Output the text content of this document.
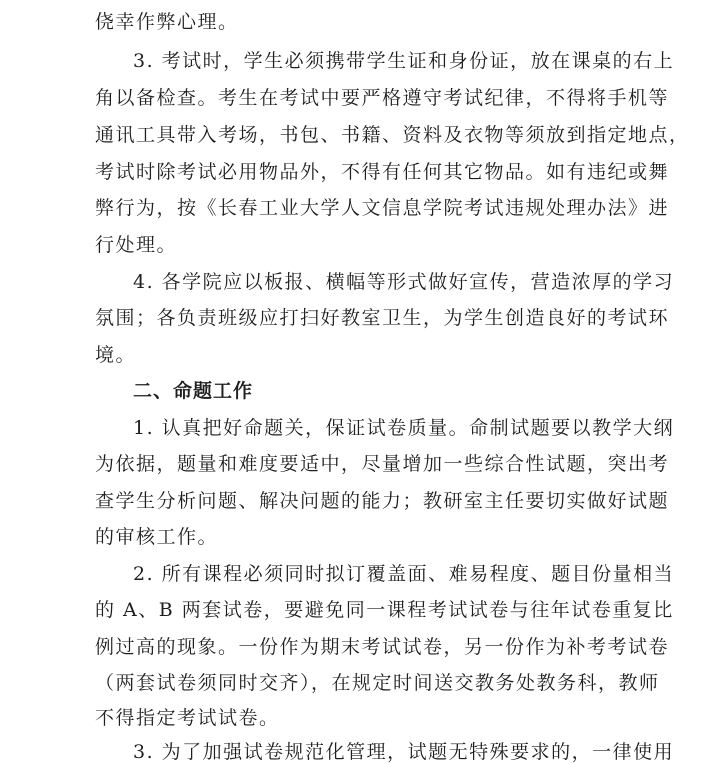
侥幸作弊心理。
3. 考试时，学生必须携带学生证和身份证，放在课桌的右上
角以备检查。考生在考试中要严格遵守考试纪律，不得将手机等
通讯工具带入考场，书包、书籍、资料及衣物等须放到指定地点，
考试时除考试必用物品外，不得有任何其它物品。如有违纪或舞
弊行为，按《长春工业大学人文信息学院考试违规处理办法》进
行处理。
4. 各学院应以板报、横幅等形式做好宣传，营造浓厚的学习
氛围；各负责班级应打扫好教室卫生，为学生创造良好的考试环
境。
二、命题工作
1. 认真把好命题关，保证试卷质量。命制试题要以教学大纲
为依据，题量和难度要适中，尽量增加一些综合性试题，突出考
查学生分析问题、解决问题的能力；教研室主任要切实做好试题
的审核工作。
2. 所有课程必须同时拟订覆盖面、难易程度、题目份量相当
的 A、B 两套试卷，要避免同一课程考试试卷与往年试卷重复比
例过高的现象。一份作为期末考试试卷，另一份作为补考考试卷
（两套试卷须同时交齐），在规定时间送交教务处教务科，教师
不得指定考试试卷。
3. 为了加强试卷规范化管理，试题无特殊要求的，一律使用
